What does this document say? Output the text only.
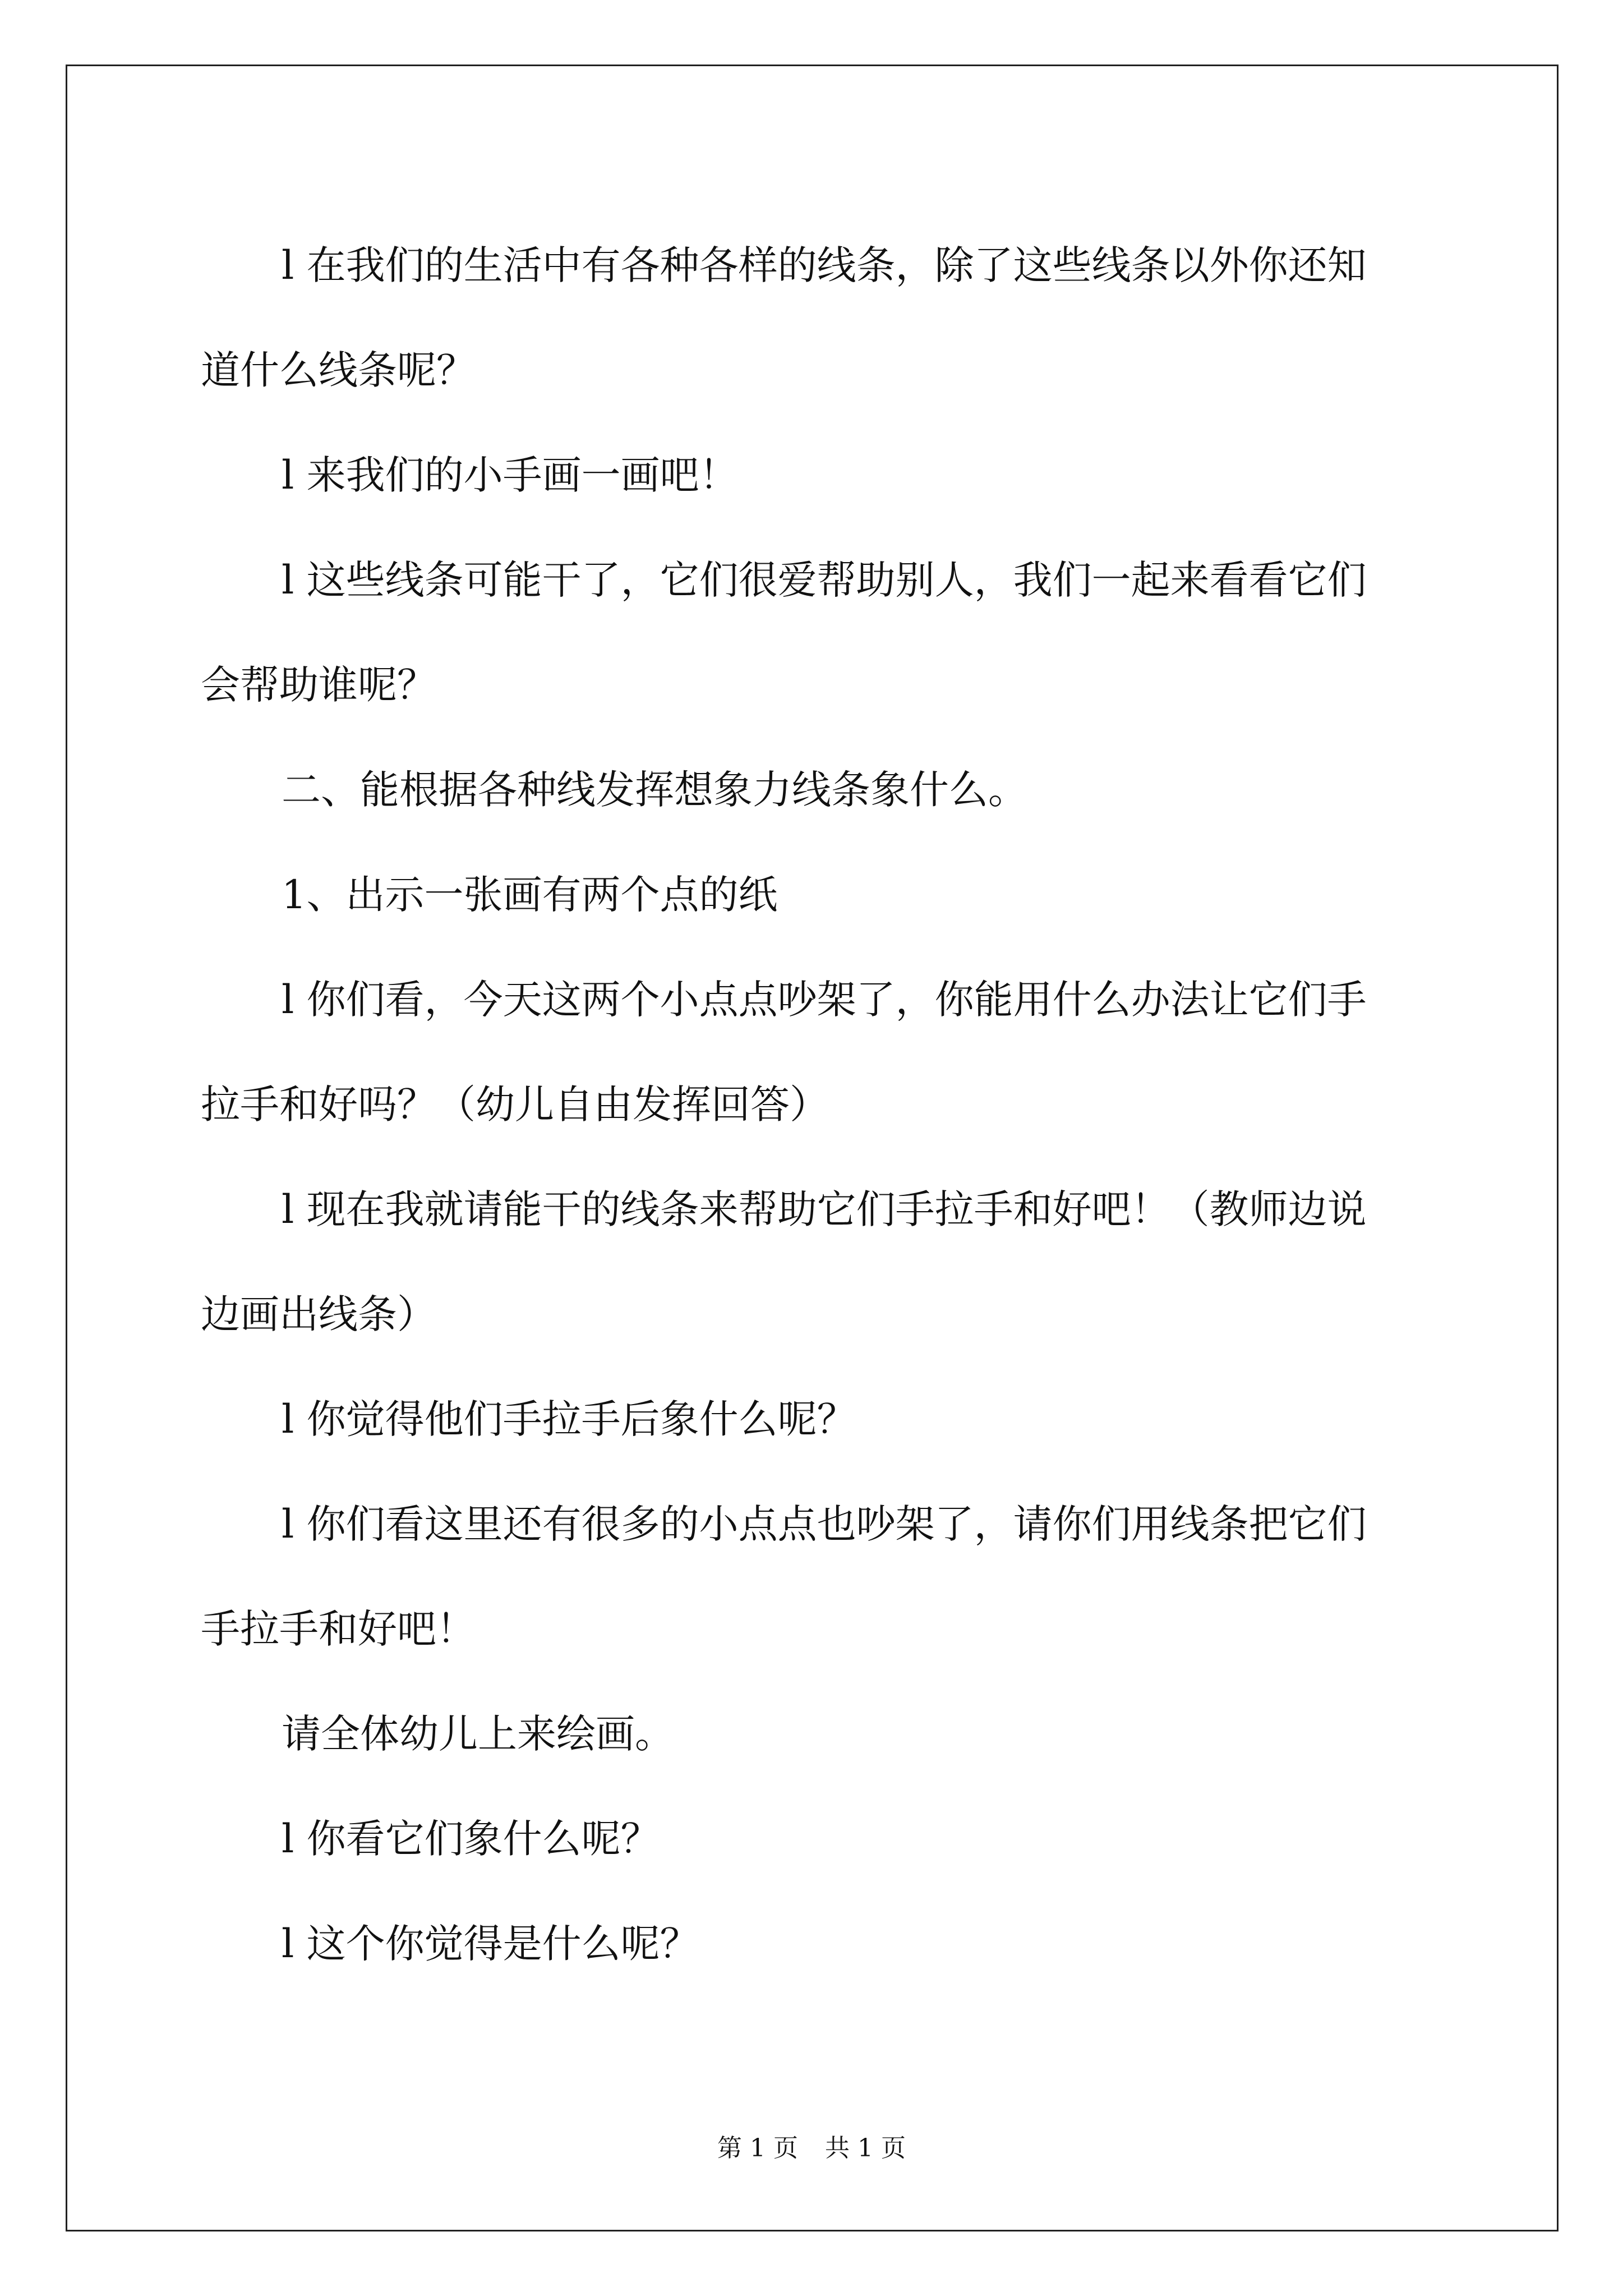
l 在我们的生活中有各种各样的线条，除了这些线条以外你还知

道什么线条呢？

l 来我们的小手画一画吧！

l 这些线条可能干了，它们很爱帮助别人，我们一起来看看它们

会帮助谁呢？

二、能根据各种线发挥想象力线条象什么。

1、出示一张画有两个点的纸

l 你们看，今天这两个小点点吵架了，你能用什么办法让它们手

拉手和好吗？（幼儿自由发挥回答）

l 现在我就请能干的线条来帮助它们手拉手和好吧！（教师边说

边画出线条）

l 你觉得他们手拉手后象什么呢？

l 你们看这里还有很多的小点点也吵架了，请你们用线条把它们

手拉手和好吧！

请全体幼儿上来绘画。

l 你看它们象什么呢？

l 这个你觉得是什么呢？

第 1 页 共 1 页
